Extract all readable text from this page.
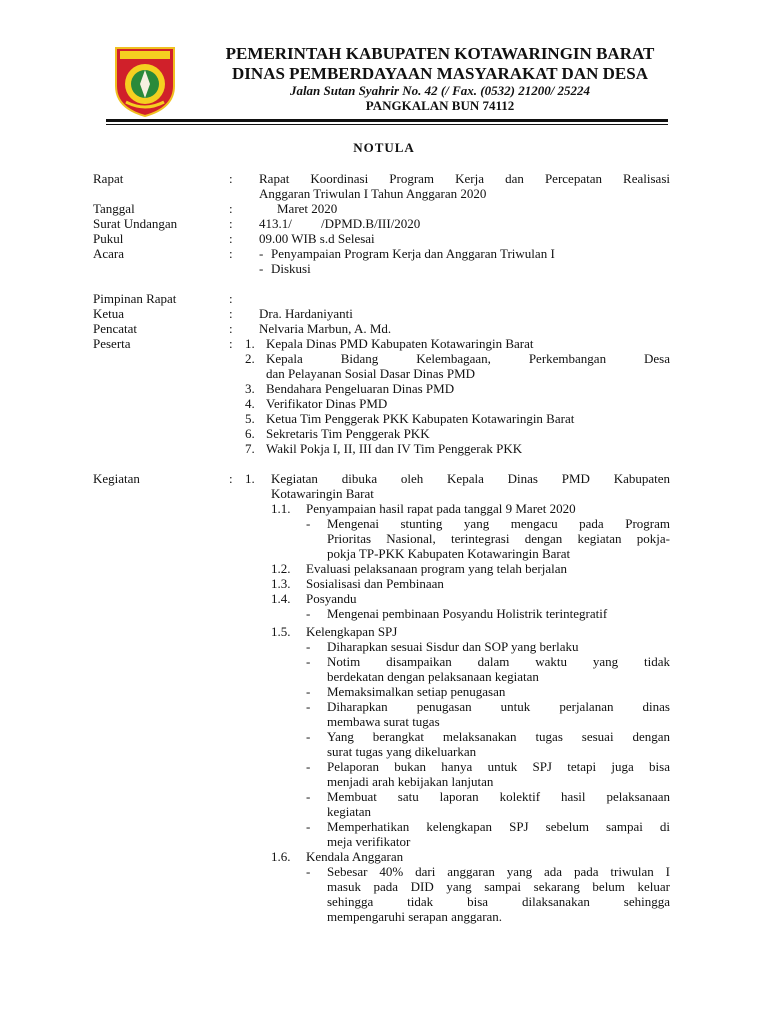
PEMERINTAH KABUPATEN KOTAWARINGIN BARAT
DINAS PEMBERDAYAAN MASYARAKAT DAN DESA
Jalan Sutan Syahrir No. 42 (/ Fax. (0532) 21200/ 25224
PANGKALAN BUN 74112
NOTULA
Rapat	: Rapat Koordinasi Program Kerja dan Percepatan Realisasi
Anggaran Triwulan I Tahun Anggaran 2020
Tanggal	:	Maret 2020
Surat Undangan	: 413.1/ /DPMD.B/III/2020
Pukul	: 09.00 WIB s.d Selesai
Acara	: - Penyampaian Program Kerja dan Anggaran Triwulan I
- Diskusi
Pimpinan Rapat	:
Ketua	: Dra. Hardaniyanti
Pencatat	: Nelvaria Marbun, A. Md.
Peserta	: 1. Kepala Dinas PMD Kabupaten Kotawaringin Barat
2. Kepala Bidang Kelembagaan, Perkembangan Desa
dan Pelayanan Sosial Dasar Dinas PMD
3. Bendahara Pengeluaran Dinas PMD
4. Verifikator Dinas PMD
5. Ketua Tim Penggerak PKK Kabupaten Kotawaringin Barat
6. Sekretaris Tim Penggerak PKK
7. Wakil Pokja I, II, III dan IV Tim Penggerak PKK
Kegiatan	: 1. Kegiatan dibuka oleh Kepala Dinas PMD Kabupaten
Kotawaringin Barat
1.1. Penyampaian hasil rapat pada tanggal 9 Maret 2020
- Mengenai stunting yang mengacu pada Program
Prioritas Nasional, terintegrasi dengan kegiatan pokja-
pokja TP-PKK Kabupaten Kotawaringin Barat
1.2. Evaluasi pelaksanaan program yang telah berjalan
1.3. Sosialisasi dan Pembinaan
1.4. Posyandu
- Mengenai pembinaan Posyandu Holistrik terintegratif
1.5. Kelengkapan SPJ
- Diharapkan sesuai Sisdur dan SOP yang berlaku
- Notim disampaikan dalam waktu yang tidak
berdekatan dengan pelaksanaan kegiatan
- Memaksimalkan setiap penugasan
- Diharapkan penugasan untuk perjalanan dinas
membawa surat tugas
- Yang berangkat melaksanakan tugas sesuai dengan
surat tugas yang dikeluarkan
- Pelaporan bukan hanya untuk SPJ tetapi juga bisa
menjadi arah kebijakan lanjutan
- Membuat satu laporan kolektif hasil pelaksanaan
kegiatan
- Memperhatikan kelengkapan SPJ sebelum sampai di
meja verifikator
1.6. Kendala Anggaran
- Sebesar 40% dari anggaran yang ada pada triwulan I
masuk pada DID yang sampai sekarang belum keluar
sehingga tidak bisa dilaksanakan sehingga
mempengaruhi serapan anggaran.
